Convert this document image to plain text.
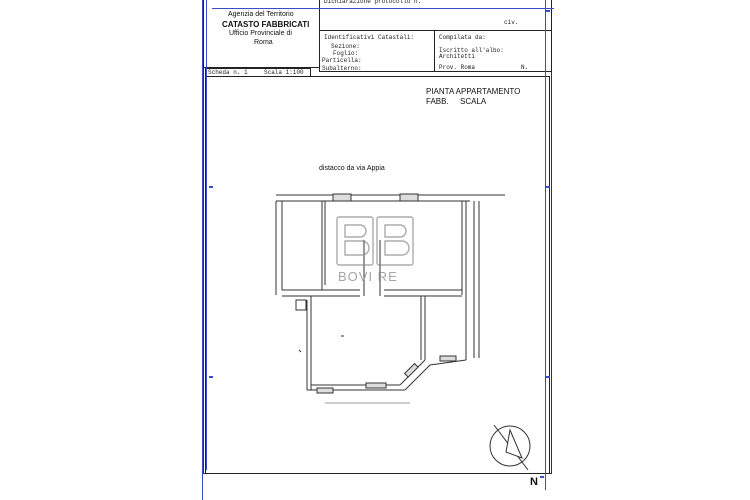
Agenzia del Territorio
CATASTO FABBRICATI
Ufficio Provinciale di
Roma
Dichiarazione protocollo n.
civ.
Identificativi Catastali:
Sezione:
Foglio:
Particella:
Subalterno:
Compilata da:
Iscritto all'albo:
Architetti
Prov. Roma	N.
Scheda n. 1	Scala 1:100
PIANTA APPARTAMENTO
FABB. SCALA
distacco da via Appia
BOVI RE
N
